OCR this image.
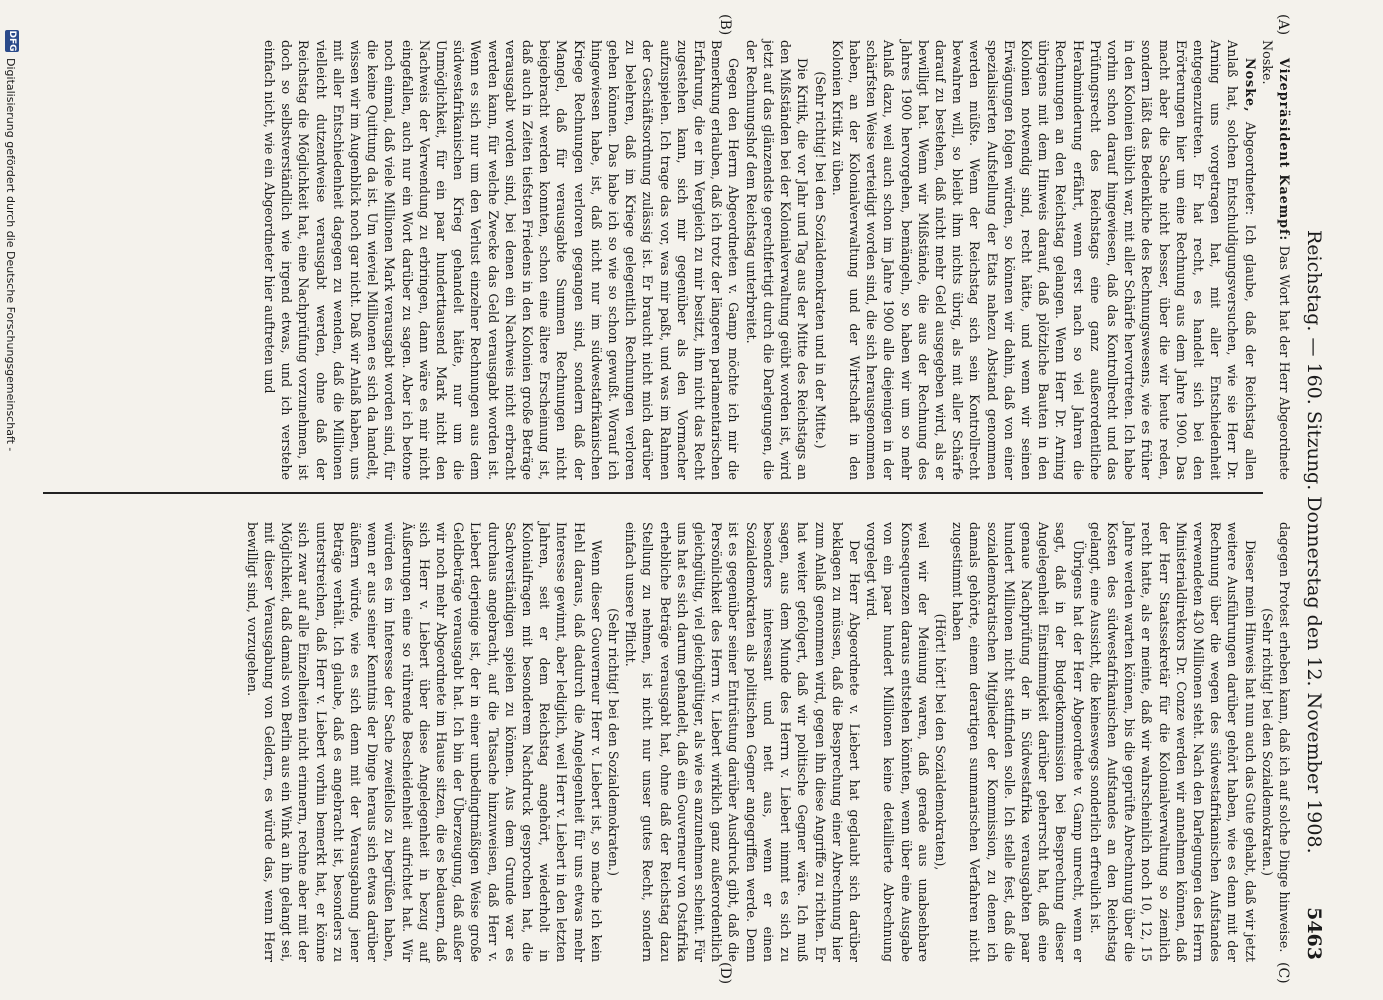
Reichstag. — 160. Sitzung. Donnerstag den 12. November 1908.
5463
(A)
(B)
(C)
(D)

Vizepräsident Kaempf: Das Wort hat der Herr Abgeordnete Noske.

Noske, Abgeordneter: Ich glaube, daß der Reichstag allen Anlaß hat, solchen Entschuldigungsversuchen, wie sie Herr Dr. Arning uns vorgetragen hat, mit aller Entschiedenheit entgegenzutreten. Er hat recht, es handelt sich bei den Erörterungen hier um eine Rechnung aus dem Jahre 1900. Das macht aber die Sache nicht besser, über die wir heute reden, sondern läßt das Bedenkliche des Rechnungswesens, wie es früher in den Kolonien üblich war, mit aller Schärfe hervortreten. Ich habe vorhin schon darauf hingewiesen, daß das Kontrollrecht und das Prüfungsrecht des Reichstags eine ganz außerordentliche Herabminderung erfährt, wenn erst nach so viel Jahren die Rechnungen an den Reichstag gelangen. Wenn Herr Dr. Arning übrigens mit dem Hinweis darauf, daß plötzliche Bauten in den Kolonien notwendig sind, recht hätte, und wenn wir seinen Erwägungen folgen würden, so können wir dahin, daß von einer spezialisierten Aufstellung der Etats nahezu Abstand genommen werden müßte. Wenn der Reichstag sich sein Kontrollrecht bewahren will, so bleibt ihm nichts übrig, als mit aller Schärfe darauf zu bestehen, daß nicht mehr Geld ausgegeben wird, als er bewilligt hat. Wenn wir Mißstände, die aus der Rechnung des Jahres 1900 hervorgehen, bemängeln, so haben wir um so mehr Anlaß dazu, weil auch schon im Jahre 1900 alle diejenigen in der schärfsten Weise verteidigt worden sind, die sich herausgenommen haben, an der Kolonialverwaltung und der Wirtschaft in den Kolonien Kritik zu üben.

(Sehr richtig! bei den Sozialdemokraten und in der Mitte.)

Die Kritik, die vor Jahr und Tag aus der Mitte des Reichstags an den Mißständen bei der Kolonialverwaltung geübt worden ist, wird jetzt auf das glänzendste gerechtfertigt durch die Darlegungen, die der Rechnungshof dem Reichstag unterbreitet.

Gegen den Herrn Abgeordneten v. Gamp möchte ich mir die Bemerkung erlauben, daß ich trotz der längeren parlamentarischen Erfahrung, die er im Vergleich zu mir besitzt, ihm nicht das Recht zugestehen kann, sich mir gegenüber als den Vormacher aufzuspielen. Ich trage das vor, was mir paßt, und was im Rahmen der Geschäftsordnung zulässig ist. Er braucht nicht mich darüber zu belehren, daß im Kriege gelegentlich Rechnungen verloren gehen können. Das habe ich so wie so schon gewußt. Worauf ich hingewiesen habe, ist, daß nicht nur im südwestafrikanischen Kriege Rechnungen verloren gegangen sind, sondern daß der Mangel, daß für verausgabte Summen Rechnungen nicht beigebracht werden konnten, schon eine ältere Erscheinung ist, daß auch in Zeiten tiefsten Friedens in den Kolonien große Beträge verausgabt worden sind, bei denen ein Nachweis nicht erbracht werden kann, für welche Zwecke das Geld verausgabt worden ist. Wenn es sich nur um den Verlust einzelner Rechnungen aus dem südwestafrikanischen Krieg gehandelt hätte, nur um die Unmöglichkeit, für ein paar hunderttausend Mark nicht den Nachweis der Verwendung zu erbringen, dann wäre es mir nicht eingefallen, auch nur ein Wort darüber zu sagen. Aber ich betone noch einmal, daß viele Millionen Mark verausgabt worden sind, für die keine Quittung da ist. Um wieviel Millionen es sich da handelt, wissen wir im Augenblick noch gar nicht. Daß wir Anlaß haben, uns mit aller Entschiedenheit dagegen zu wenden, daß die Millionen vielleicht dutzendweise verausgabt werden, ohne daß der Reichstag die Möglichkeit hat, eine Nachprüfung vorzunehmen, ist doch so selbstverständlich wie irgend etwas, und ich verstehe einfach nicht, wie ein Abgeordneter hier auftreten und

dagegen Protest erheben kann, daß ich auf solche Dinge hinweise.

(Sehr richtig! bei den Sozialdemokraten.)

Dieser mein Hinweis hat nun auch das Gute gehabt, daß wir jetzt weitere Ausführungen darüber gehört haben, wie es denn mit der Rechnung über die wegen des südwestafrikanischen Aufstandes verwendeten 430 Millionen steht. Nach den Darlegungen des Herrn Ministerialdirektors Dr. Conze werden wir annehmen können, daß der Herr Staatssekretär für die Kolonialverwaltung so ziemlich recht hatte, als er meinte, daß wir wahrscheinlich noch 10, 12, 15 Jahre werden warten können, bis die geprüfte Abrechnung über die Kosten des südwestafrikanischen Aufstandes an den Reichstag gelangt, eine Aussicht, die keineswegs sonderlich erfreulich ist.

Übrigens hat der Herr Abgeordnete v. Gamp unrecht, wenn er sagt, daß in der Budgetkommission bei Besprechung dieser Angelegenheit Einstimmigkeit darüber geherrscht hat, daß eine genaue Nachprüfung der in Südwestafrika verausgabten paar hundert Millionen nicht stattfinden solle. Ich stelle fest, daß die sozialdemokratischen Mitglieder der Kommission, zu denen ich damals gehörte, einem derartigen summarischen Verfahren nicht zugestimmt haben

(Hört! hört! bei den Sozialdemokraten),

weil wir der Meinung waren, daß gerade aus unabsehbare Konsequenzen daraus entstehen könnten, wenn über eine Ausgabe von ein paar hundert Millionen keine detaillierte Abrechnung vorgelegt wird.

Der Herr Abgeordnete v. Liebert hat geglaubt sich darüber beklagen zu müssen, daß die Besprechung einer Abrechnung hier zum Anlaß genommen wird, gegen ihn diese Angriffe zu richten. Er hat weiter gefolgert, daß wir politische Gegner wäre. Ich muß sagen, aus dem Munde des Herrn v. Liebert nimmt es sich zu besonders interessant und nett aus, wenn er einen Sozialdemokraten als politischen Gegner angegriffen werde. Denn ist es gegenüber seiner Entrüstung darüber Ausdruck gibt, daß die Persönlichkeit des Herrn v. Liebert wirklich ganz außerordentlich gleichgültig, viel gleichgültiger, als wie es anzunehmen scheint. Für uns hat es sich darum gehandelt, daß ein Gouverneur von Ostafrika erhebliche Beträge verausgabt hat, ohne daß der Reichstag dazu Stellung zu nehmen, ist nicht nur unser gutes Recht, sondern einfach unsere Pflicht.

(Sehr richtig! bei den Sozialdemokraten.)

Wenn dieser Gouverneur Herr v. Liebert ist, so mache ich kein Hehl daraus, daß dadurch die Angelegenheit für uns etwas mehr Interesse gewinnt, aber lediglich, weil Herr v. Liebert in den letzten Jahren, seit er dem Reichstag angehört, wiederholt in Kolonialfragen mit besonderem Nachdruck gesprochen hat, die Sachverständigen spielen zu können. Aus dem Grunde war es durchaus angebracht, auf die Tatsache hinzuweisen, daß Herr v. Liebert derjenige ist, der in einer unbedingtmäßigen Weise große Geldbeträge verausgabt hat. Ich bin der Überzeugung, daß außer wir noch mehr Abgeordnete im Hause sitzen, die es bedauern, daß sich Herr v. Liebert über diese Angelegenheit in bezug auf Äußerungen eine so rührende Bescheidenheit aufrichtet hat. Wir würden es im Interesse der Sache zweifellos zu begrüßen haben, wenn er aus seiner Kenntnis der Dinge heraus sich etwas darüber äußern würde, wie es sich denn mit der Verausgabung jener Beträge verhält. Ich glaube, daß es angebracht ist, besonders zu unterstreichen, daß Herr v. Liebert vorhin bemerkt hat, er könne sich zwar auf alle Einzelheiten nicht erinnern, rechne aber mit der Möglichkeit, daß damals von Berlin aus ein Wink an ihn gelangt sei, mit dieser Verausgabung von Geldern, es würde das, wenn Herr bewilligt sind, vorzugehen.

DFG
Digitalisierung gefördert durch die Deutsche Forschungsgemeinschaft -
